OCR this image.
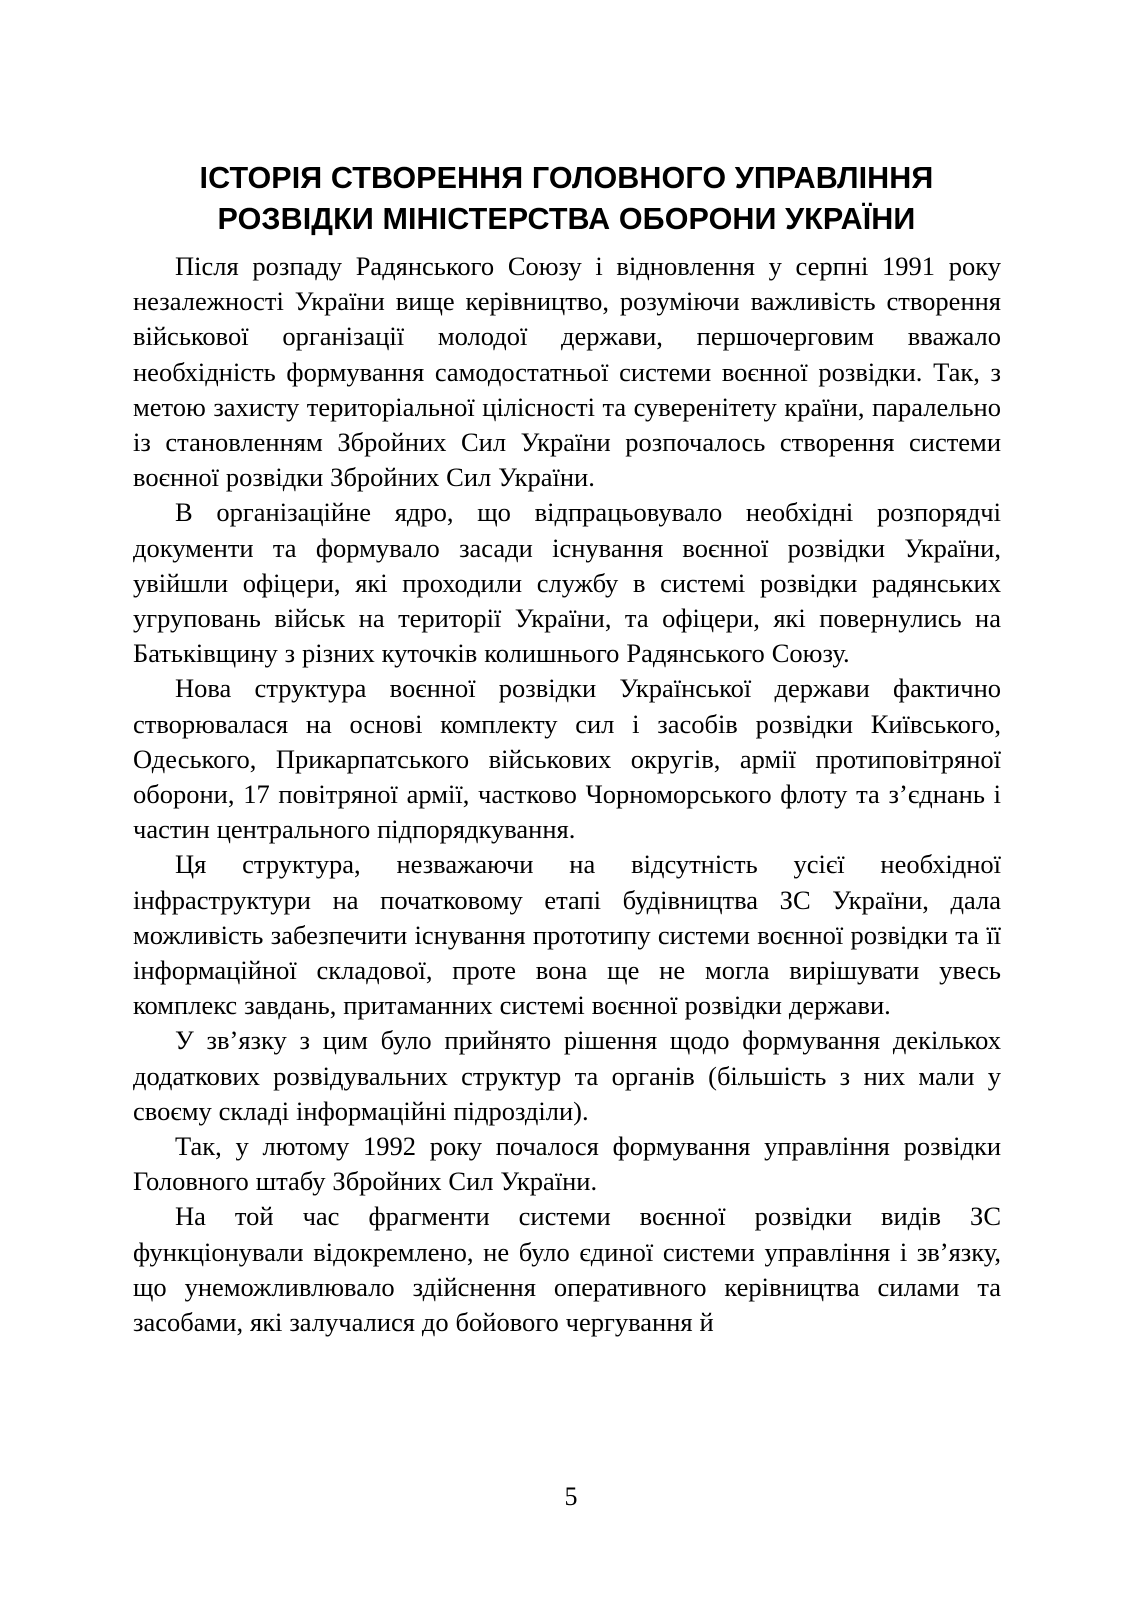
ІСТОРІЯ СТВОРЕННЯ ГОЛОВНОГО УПРАВЛІННЯ
РОЗВІДКИ МІНІСТЕРСТВА ОБОРОНИ УКРАЇНИ

Після розпаду Радянського Союзу і відновлення у серпні 1991 року незалежності України вище керівництво, розуміючи важливість створення військової організації молодої держави, першочерговим вважало необхідність формування самодостатньої системи воєнної розвідки. Так, з метою захисту територіальної цілісності та суверенітету країни, паралельно із становленням Збройних Сил України розпочалось створення системи воєнної розвідки Збройних Сил України.

В організаційне ядро, що відпрацьовувало необхідні розпорядчі документи та формувало засади існування воєнної розвідки України, увійшли офіцери, які проходили службу в системі розвідки радянських угруповань військ на території України, та офіцери, які повернулись на Батьківщину з різних куточків колишнього Радянського Союзу.

Нова структура воєнної розвідки Української держави фактично створювалася на основі комплекту сил і засобів розвідки Київського, Одеського, Прикарпатського військових округів, армії протиповітряної оборони, 17 повітряної армії, частково Чорноморського флоту та з’єднань і частин центрального підпорядкування.

Ця структура, незважаючи на відсутність усієї необхідної інфраструктури на початковому етапі будівництва ЗС України, дала можливість забезпечити існування прототипу системи воєнної розвідки та її інформаційної складової, проте вона ще не могла вирішувати увесь комплекс завдань, притаманних системі воєнної розвідки держави.

У зв’язку з цим було прийнято рішення щодо формування декількох додаткових розвідувальних структур та органів (більшість з них мали у своєму складі інформаційні підрозділи).

Так, у лютому 1992 року почалося формування управління розвідки Головного штабу Збройних Сил України.

На той час фрагменти системи воєнної розвідки видів ЗС функціонували відокремлено, не було єдиної системи управління і зв’язку, що унеможливлювало здійснення оперативного керівництва силами та засобами, які залучалися до бойового чергування й

5
